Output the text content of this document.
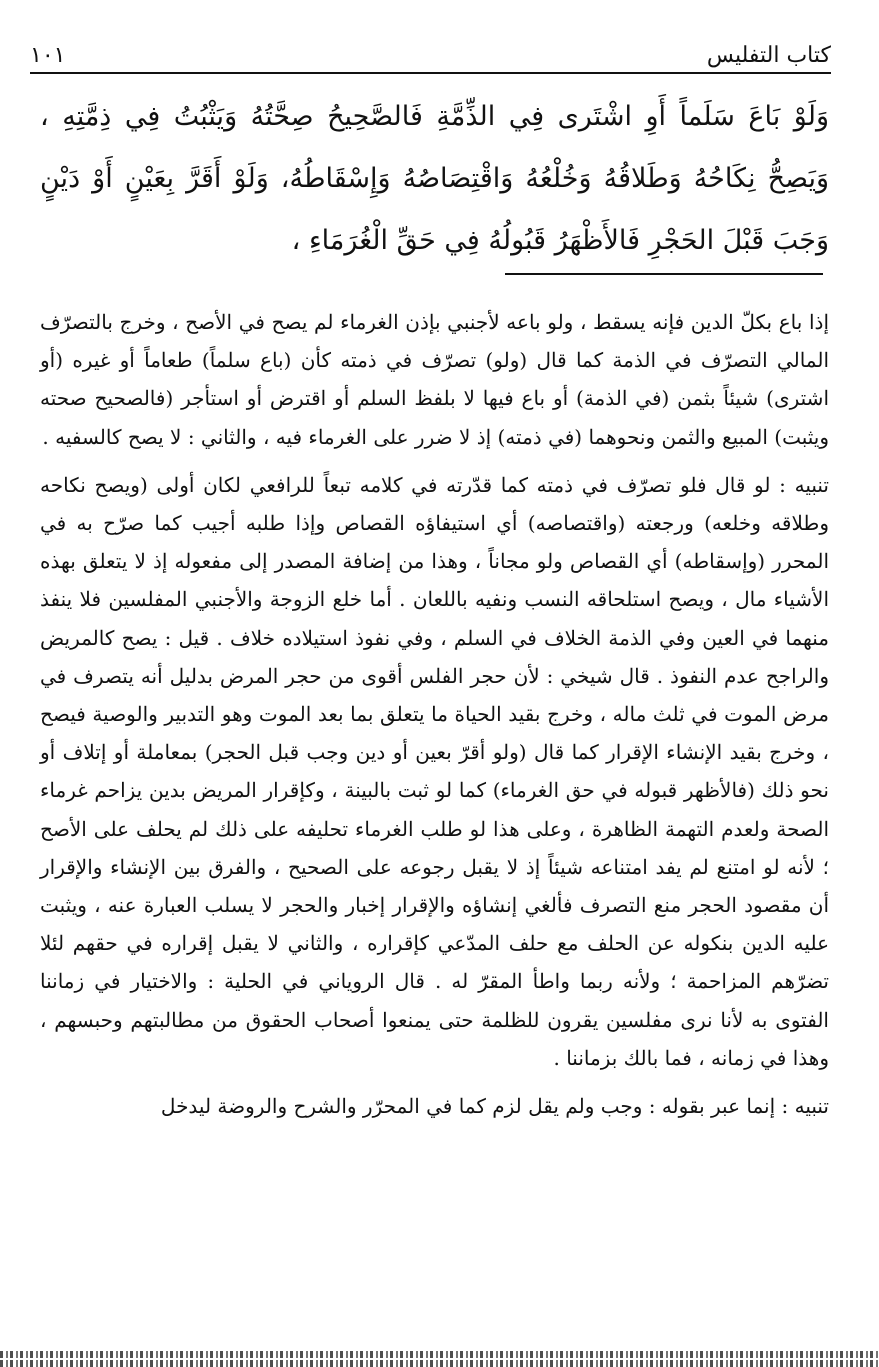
١٠١	كتاب التفليس
وَلَوْ بَاعَ سَلَماً أَوِ اشْتَرى فِي الذِّمَّةِ فَالصَّحِيحُ صِحَّتُهُ وَيَثْبُتُ فِي ذِمَّتِهِ ، وَيَصِحُّ نِكَاحُهُ وَطَلاقُهُ وَخُلْعُهُ وَاقْتِصَاصُهُ وَإِسْقَاطُهُ، وَلَوْ أَقَرَّ بِعَيْنٍ أَوْ دَيْنٍ وَجَبَ قَبْلَ الحَجْرِ فَالأَظْهَرُ قَبُولُهُ فِي حَقِّ الْغُرَمَاءِ ،

إذا باع بكلّ الدين فإنه يسقط ، ولو باعه لأجنبي بإذن الغرماء لم يصح في الأصح ، وخرج بالتصرّف المالي التصرّف في الذمة كما قال (ولو) تصرّف في ذمته كأن (باع سلماً) طعاماً أو غيره (أو اشترى) شيئاً بثمن (في الذمة) أو باع فيها لا بلفظ السلم أو اقترض أو استأجر (فالصحيح صحته ويثبت) المبيع والثمن ونحوهما (في ذمته) إذ لا ضرر على الغرماء فيه ، والثاني : لا يصح كالسفيه .

تنبيه : لو قال فلو تصرّف في ذمته كما قدّرته في كلامه تبعاً للرافعي لكان أولى (ويصح نكاحه وطلاقه وخلعه) ورجعته (واقتصاصه) أي استيفاؤه القصاص وإذا طلبه أجيب كما صرّح به في المحرر (وإسقاطه) أي القصاص ولو مجاناً ، وهذا من إضافة المصدر إلى مفعوله إذ لا يتعلق بهذه الأشياء مال ، ويصح استلحاقه النسب ونفيه باللعان . أما خلع الزوجة والأجنبي المفلسين فلا ينفذ منهما في العين وفي الذمة الخلاف في السلم ، وفي نفوذ استيلاده خلاف . قيل : يصح كالمريض والراجح عدم النفوذ . قال شيخي : لأن حجر الفلس أقوى من حجر المرض بدليل أنه يتصرف في مرض الموت في ثلث ماله ، وخرج بقيد الحياة ما يتعلق بما بعد الموت وهو التدبير والوصية فيصح ، وخرج بقيد الإنشاء الإقرار كما قال (ولو أقرّ بعين أو دين وجب قبل الحجر) بمعاملة أو إتلاف أو نحو ذلك (فالأظهر قبوله في حق الغرماء) كما لو ثبت بالبينة ، وكإقرار المريض بدين يزاحم غرماء الصحة ولعدم التهمة الظاهرة ، وعلى هذا لو طلب الغرماء تحليفه على ذلك لم يحلف على الأصح ؛ لأنه لو امتنع لم يفد امتناعه شيئاً إذ لا يقبل رجوعه على الصحيح ، والفرق بين الإنشاء والإقرار أن مقصود الحجر منع التصرف فألغي إنشاؤه والإقرار إخبار والحجر لا يسلب العبارة عنه ، ويثبت عليه الدين بنكوله عن الحلف مع حلف المدّعي كإقراره ، والثاني لا يقبل إقراره في حقهم لئلا تضرّهم المزاحمة ؛ ولأنه ربما واطأ المقرّ له . قال الروياني في الحلية : والاختيار في زماننا الفتوى به لأنا نرى مفلسين يقرون للظلمة حتى يمنعوا أصحاب الحقوق من مطالبتهم وحبسهم ، وهذا في زمانه ، فما بالك بزماننا .

تنبيه : إنما عبر بقوله : وجب ولم يقل لزم كما في المحرّر والشرح والروضة ليدخل
